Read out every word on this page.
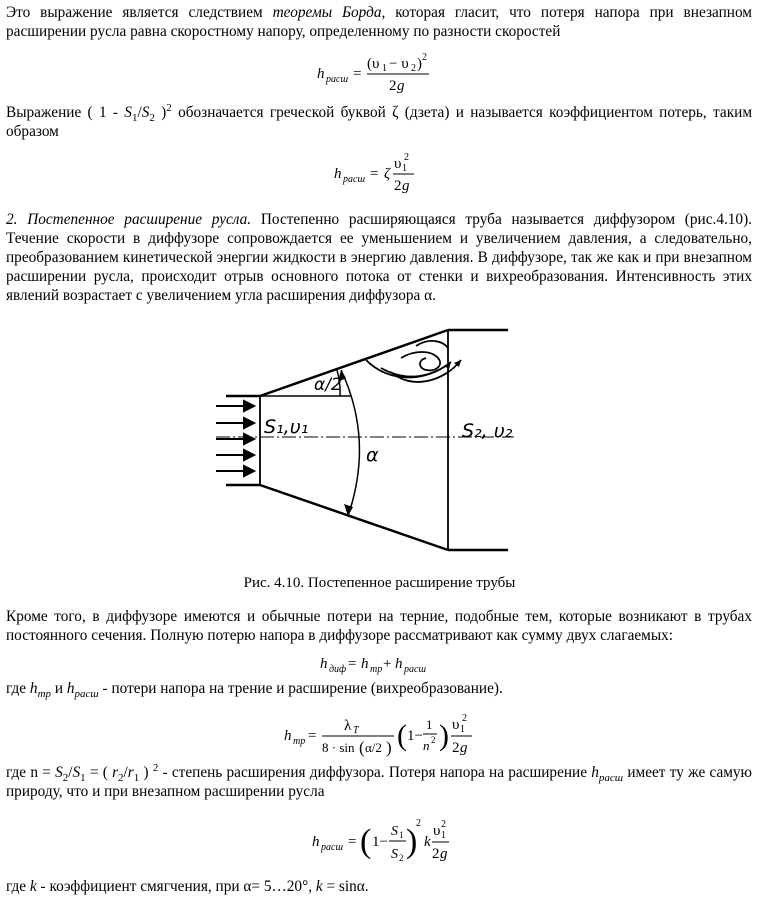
Это выражение является следствием теоремы Борда, которая гласит, что потеря напора при внезапном расширении русла равна скоростному напору, определенному по разности скоростей

h расш =
(υ 1 − υ 2 ) 2
2 g

Выражение ( $1 - S_1/S_2$ )$^2$ обозначается греческой буквой ζ (дзета) и называется коэффициентом потерь, таким образом

h расш = ζ
υ 1
2
2 g

2. Постепенное расширение русла. Постепенно расширяющаяся труба называется диффузором (рис.4.10). Течение скорости в диффузоре сопровождается ее уменьшением и увеличением давления, а следовательно, преобразованием кинетической энергии жидкости в энергию давления. В диффузоре, так же как и при внезапном расширении русла, происходит отрыв основного потока от стенки и вихреобразования. Интенсивность этих явлений возрастает с увеличением угла расширения диффузора α.

S₁,υ₁	S₂, υ₂
α/2
α
Рис. 4.10. Постепенное расширение трубы

Кроме того, в диффузоре имеются и обычные потери на терние, подобные тем, которые возникают в трубах постоянного сечения. Полную потерю напора в диффузоре рассматривают как сумму двух слагаемых:

h диф = h тр + h расш

где $h_{тр}$ и $h_{расш}$ - потери напора на трение и расширение (вихреобразование).

h тр =
λ T
8 · sin ( α/2 ) ( 1−
1
n 2 ) υ 1
2
2 g

где $n = S_2/S_1$ = ( $r_2/r_1$ ) $^2$ - степень расширения диффузора. Потеря напора на расширение $h_{расш}$ имеет ту же самую природу, что и при внезапном расширении русла

h расш = ( 1−
S 1
S 2 )
2
k
υ 1
2
2 g

где k - коэффициент смягчения, при α= 5…20°, k = sinα.
